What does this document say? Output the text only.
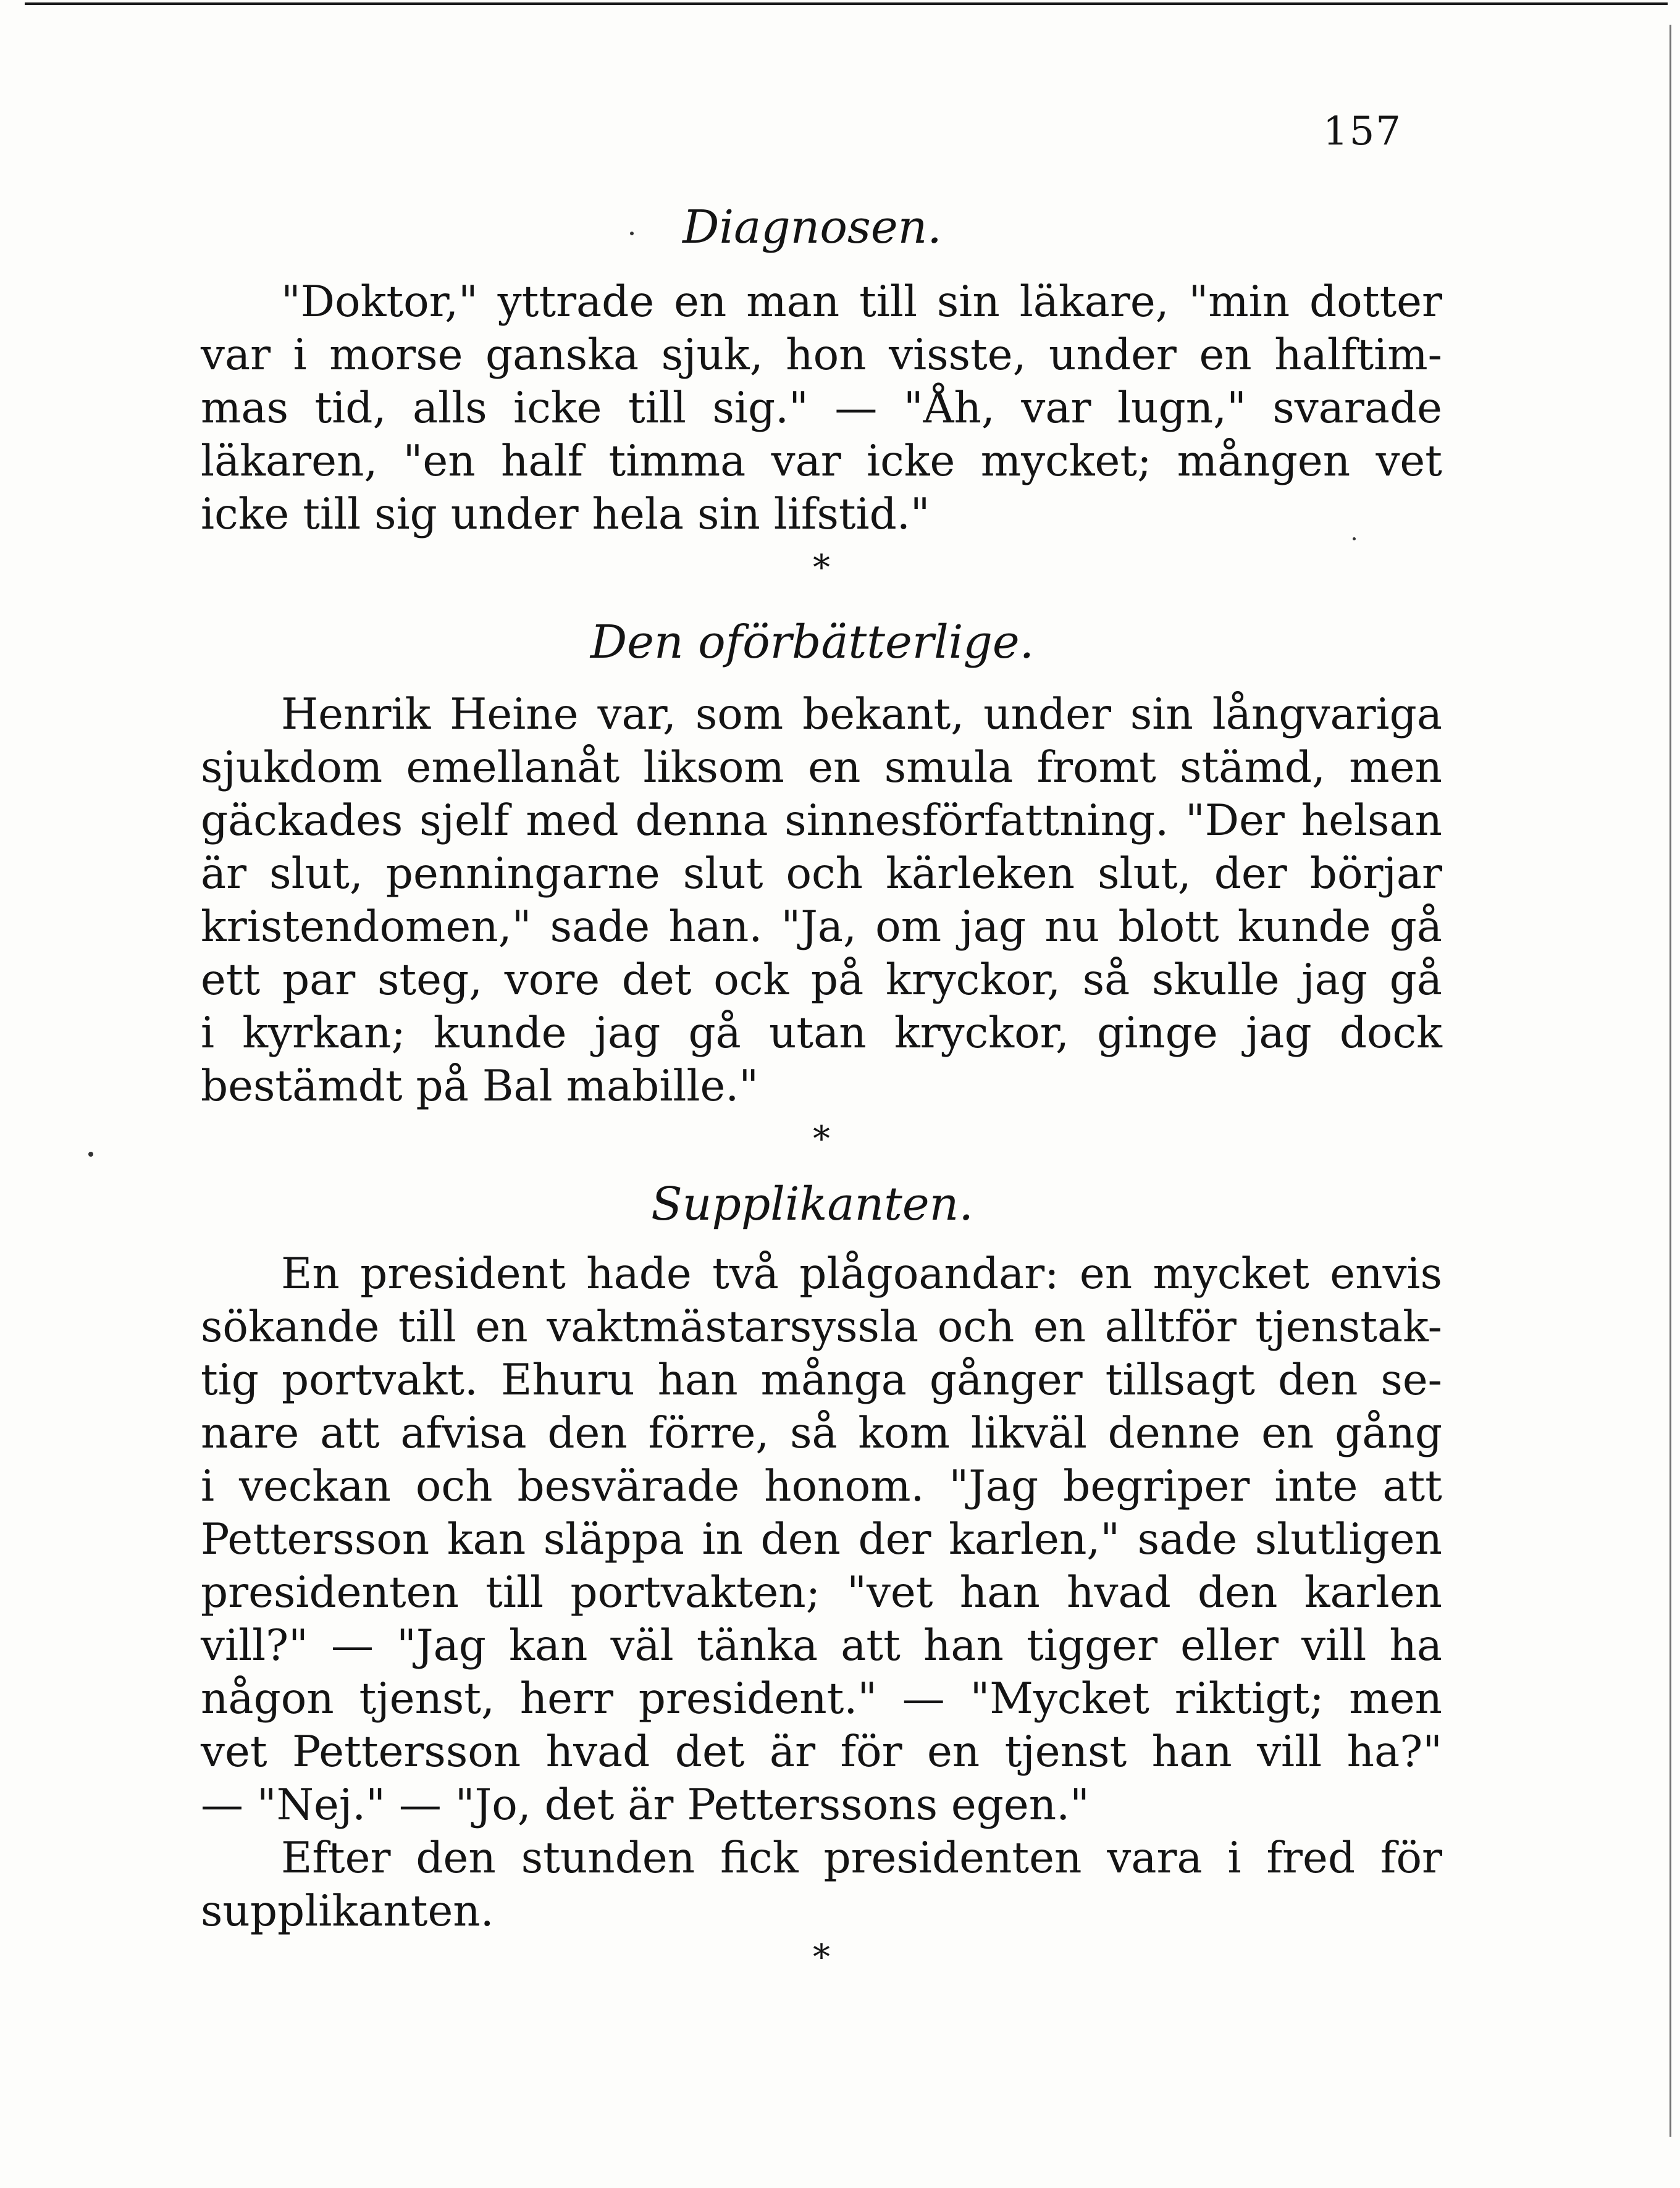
157
Diagnosen.
"Doktor," yttrade en man till sin läkare, "min dotter
var i morse ganska sjuk, hon visste, under en halftim-
mas tid, alls icke till sig." — "Åh, var lugn," svarade
läkaren, "en half timma var icke mycket; mången vet
icke till sig under hela sin lifstid."
*
Den oförbätterlige.
Henrik Heine var, som bekant, under sin långvariga
sjukdom emellanåt liksom en smula fromt stämd, men
gäckades sjelf med denna sinnesförfattning. "Der helsan
är slut, penningarne slut och kärleken slut, der börjar
kristendomen," sade han. "Ja, om jag nu blott kunde gå
ett par steg, vore det ock på kryckor, så skulle jag gå
i kyrkan; kunde jag gå utan kryckor, ginge jag dock
bestämdt på Bal mabille."
*
Supplikanten.
En president hade två plågoandar: en mycket envis
sökande till en vaktmästarsyssla och en alltför tjenstak-
tig portvakt. Ehuru han många gånger tillsagt den se-
nare att afvisa den förre, så kom likväl denne en gång
i veckan och besvärade honom. "Jag begriper inte att
Pettersson kan släppa in den der karlen," sade slutligen
presidenten till portvakten; "vet han hvad den karlen
vill?" — "Jag kan väl tänka att han tigger eller vill ha
någon tjenst, herr president." — "Mycket riktigt; men
vet Pettersson hvad det är för en tjenst han vill ha?"
— "Nej." — "Jo, det är Petterssons egen."
Efter den stunden fick presidenten vara i fred för
supplikanten.
*
